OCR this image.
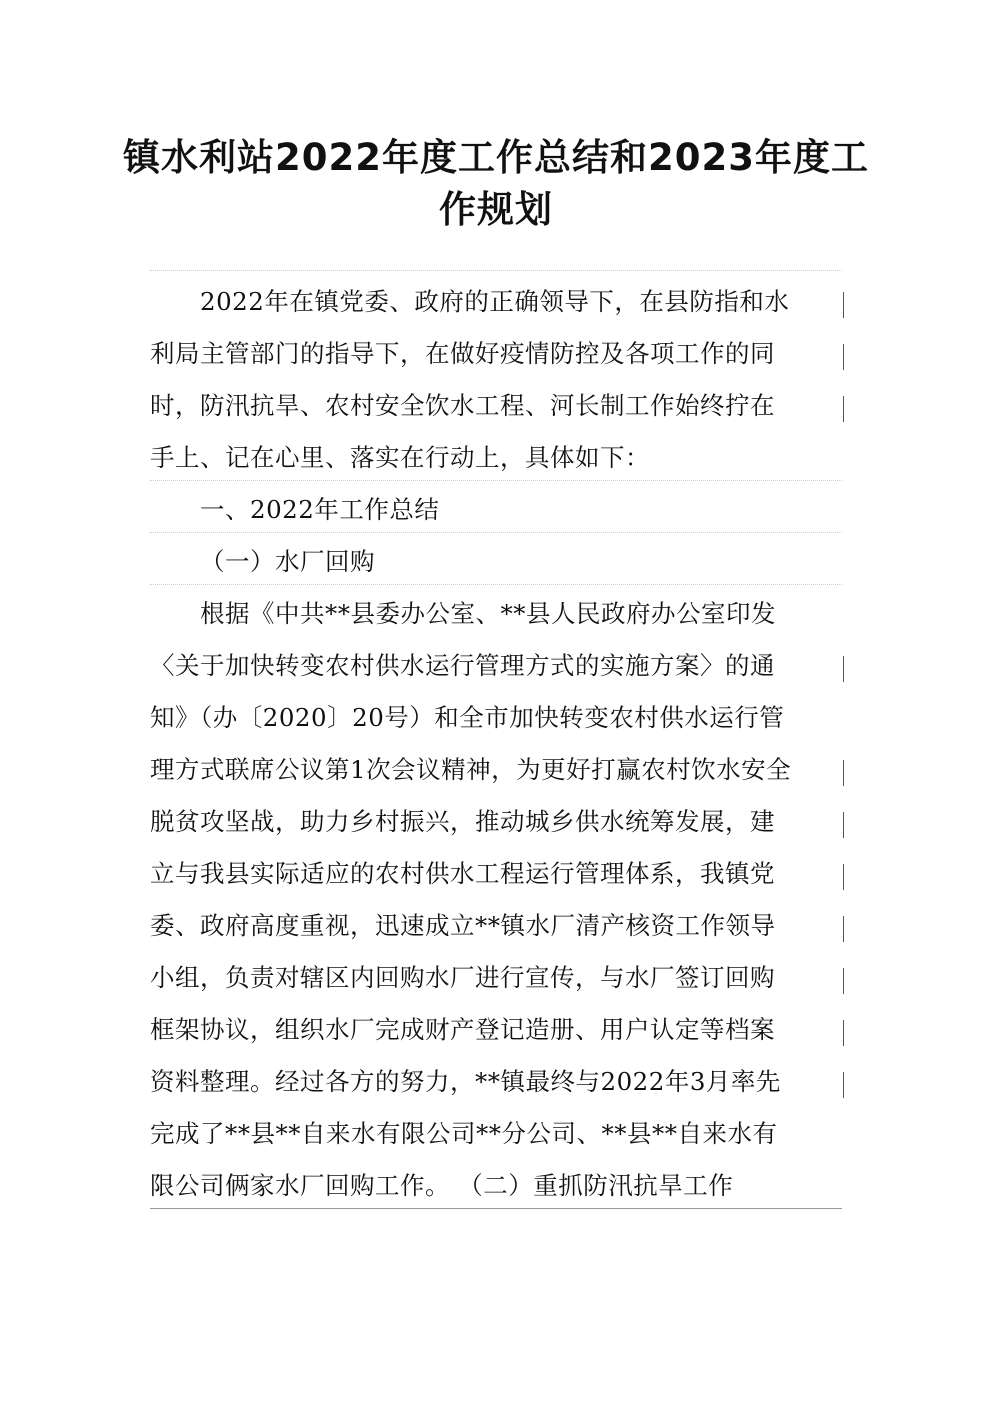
镇水利站2022年度工作总结和2023年度工
作规划
2022年在镇党委、政府的正确领导下，在县防指和水
利局主管部门的指导下，在做好疫情防控及各项工作的同
时，防汛抗旱、农村安全饮水工程、河长制工作始终拧在
手上、记在心里、落实在行动上，具体如下：
一、2022年工作总结
（一）水厂回购
根据《中共**县委办公室、**县人民政府办公室印发
〈关于加快转变农村供水运行管理方式的实施方案〉的通
知》（办〔2020〕20号）和全市加快转变农村供水运行管
理方式联席公议第1次会议精神，为更好打赢农村饮水安全
脱贫攻坚战，助力乡村振兴，推动城乡供水统筹发展，建
立与我县实际适应的农村供水工程运行管理体系，我镇党
委、政府高度重视，迅速成立**镇水厂清产核资工作领导
小组，负责对辖区内回购水厂进行宣传，与水厂签订回购
框架协议，组织水厂完成财产登记造册、用户认定等档案
资料整理。经过各方的努力，**镇最终与2022年3月率先
完成了**县**自来水有限公司**分公司、**县**自来水有
限公司俩家水厂回购工作。 （二）重抓防汛抗旱工作
